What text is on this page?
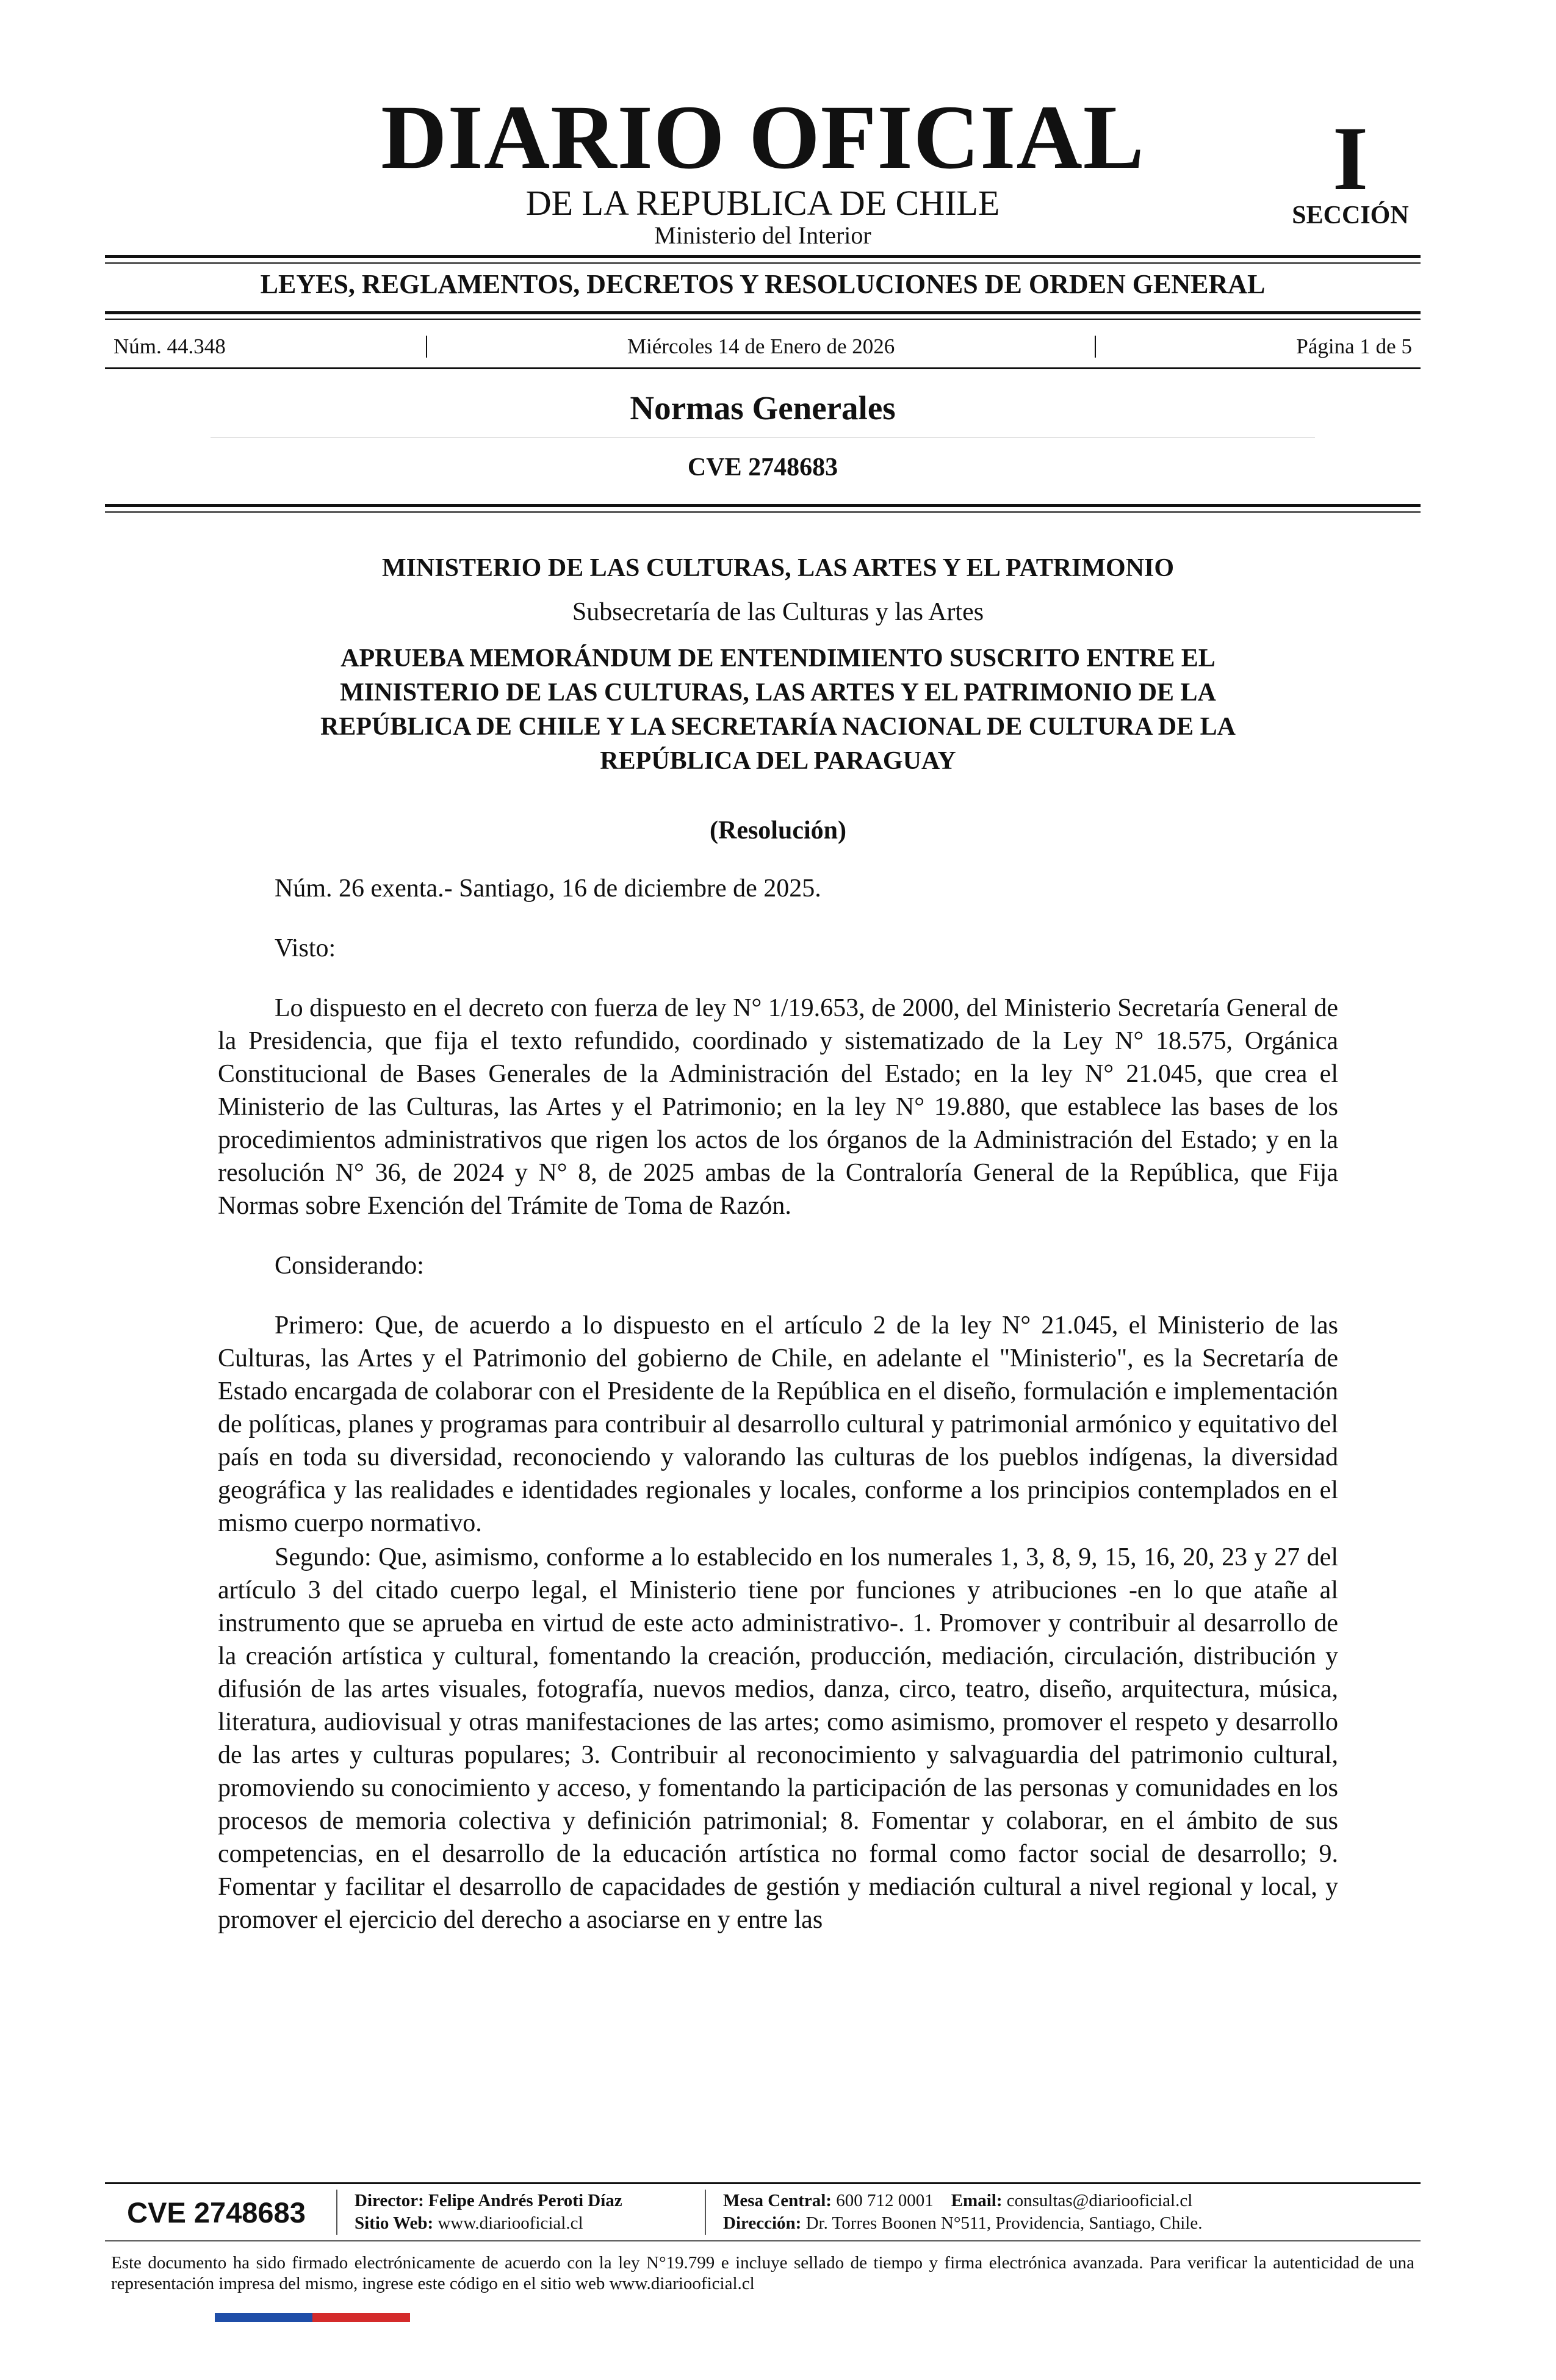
DIARIO OFICIAL
DE LA REPUBLICA DE CHILE
Ministerio del Interior
I
SECCIÓN
LEYES, REGLAMENTOS, DECRETOS Y RESOLUCIONES DE ORDEN GENERAL
Núm. 44.348	Miércoles 14 de Enero de 2026	Página 1 de 5
Normas Generales
CVE 2748683
MINISTERIO DE LAS CULTURAS, LAS ARTES Y EL PATRIMONIO
Subsecretaría de las Culturas y las Artes
APRUEBA MEMORÁNDUM DE ENTENDIMIENTO SUSCRITO ENTRE EL
MINISTERIO DE LAS CULTURAS, LAS ARTES Y EL PATRIMONIO DE LA
REPÚBLICA DE CHILE Y LA SECRETARÍA NACIONAL DE CULTURA DE LA
REPÚBLICA DEL PARAGUAY
(Resolución)

Núm. 26 exenta.- Santiago, 16 de diciembre de 2025.

Visto:

Lo dispuesto en el decreto con fuerza de ley N° 1/19.653, de 2000, del Ministerio Secretaría General de la Presidencia, que fija el texto refundido, coordinado y sistematizado de la Ley N° 18.575, Orgánica Constitucional de Bases Generales de la Administración del Estado; en la ley N° 21.045, que crea el Ministerio de las Culturas, las Artes y el Patrimonio; en la ley N° 19.880, que establece las bases de los procedimientos administrativos que rigen los actos de los órganos de la Administración del Estado; y en la resolución N° 36, de 2024 y N° 8, de 2025 ambas de la Contraloría General de la República, que Fija Normas sobre Exención del Trámite de Toma de Razón.

Considerando:

Primero: Que, de acuerdo a lo dispuesto en el artículo 2 de la ley N° 21.045, el Ministerio de las Culturas, las Artes y el Patrimonio del gobierno de Chile, en adelante el "Ministerio", es la Secretaría de Estado encargada de colaborar con el Presidente de la República en el diseño, formulación e implementación de políticas, planes y programas para contribuir al desarrollo cultural y patrimonial armónico y equitativo del país en toda su diversidad, reconociendo y valorando las culturas de los pueblos indígenas, la diversidad geográfica y las realidades e identidades regionales y locales, conforme a los principios contemplados en el mismo cuerpo normativo.

Segundo: Que, asimismo, conforme a lo establecido en los numerales 1, 3, 8, 9, 15, 16, 20, 23 y 27 del artículo 3 del citado cuerpo legal, el Ministerio tiene por funciones y atribuciones -en lo que atañe al instrumento que se aprueba en virtud de este acto administrativo-. 1. Promover y contribuir al desarrollo de la creación artística y cultural, fomentando la creación, producción, mediación, circulación, distribución y difusión de las artes visuales, fotografía, nuevos medios, danza, circo, teatro, diseño, arquitectura, música, literatura, audiovisual y otras manifestaciones de las artes; como asimismo, promover el respeto y desarrollo de las artes y culturas populares; 3. Contribuir al reconocimiento y salvaguardia del patrimonio cultural, promoviendo su conocimiento y acceso, y fomentando la participación de las personas y comunidades en los procesos de memoria colectiva y definición patrimonial; 8. Fomentar y colaborar, en el ámbito de sus competencias, en el desarrollo de la educación artística no formal como factor social de desarrollo; 9. Fomentar y facilitar el desarrollo de capacidades de gestión y mediación cultural a nivel regional y local, y promover el ejercicio del derecho a asociarse en y entre las

CVE 2748683	Director: Felipe Andrés Peroti Díaz
Sitio Web: www.diariooficial.cl
Mesa Central: 600 712 0001 Email: consultas@diariooficial.cl
Dirección: Dr. Torres Boonen N°511, Providencia, Santiago, Chile.
Este documento ha sido firmado electrónicamente de acuerdo con la ley N°19.799 e incluye sellado de tiempo y firma electrónica avanzada. Para verificar la autenticidad de una representación impresa del mismo, ingrese este código en el sitio web www.diariooficial.cl
